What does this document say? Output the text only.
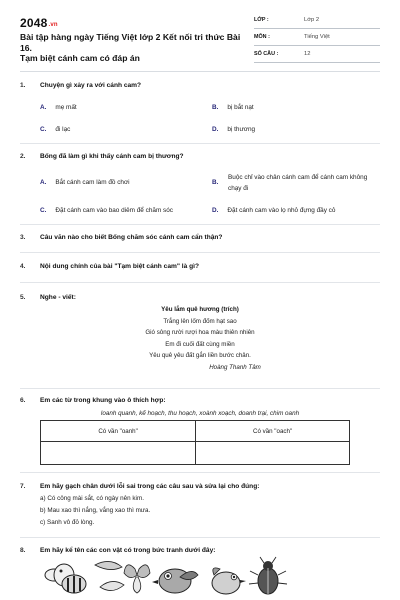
2048.vn
Bài tập hàng ngày Tiếng Việt lớp 2 Kết nối tri thức Bài 16.
Tạm biệt cánh cam có đáp án
LỚP :	Lớp 2
MÔN :	Tiếng Việt
SỐ CÂU :	12
1. Chuyện gì xảy ra với cánh cam?
A. mẹ mất	B. bị bắt nạt
C. đi lạc	D. bị thương
2. Bống đã làm gì khi thấy cánh cam bị thương?
A. Bắt cánh cam làm đồ chơi	B.
Buộc chỉ vào chân cánh cam để cánh cam không chạy đi
C. Đặt cánh cam vào bao diêm để chăm sóc	D. Đặt cánh cam vào lọ nhỏ đựng đầy cỏ
3. Câu văn nào cho biết Bống chăm sóc cánh cam cẩn thận?
4. Nội dung chính của bài "Tạm biệt cánh cam" là gì?
5. Nghe - viết:
Yêu lắm quê hương (trích)
Trắng lên lốm đốm hạt sao
Gió sông rười rượi hoa màu thiên nhiên
Em đi cuối đất cùng miền
Yêu quê yêu đất gắn liền bước chân.
Hoàng Thanh Tâm
6. Em các từ trong khung vào ô thích hợp:
loanh quanh, kế hoạch, thu hoạch, xoành xoạch, doanh trại, chim oanh
Có vần "oanh"	Có vần "oach"

7. Em hãy gạch chân dưới lỗi sai trong các câu sau và sửa lại cho đúng:
a) Có công mài sắt, có ngày nên kim.
b) Mau xao thì nắng, vắng xao thì mưa.
c) Sanh vô đỏ lòng.
8. Em hãy kể tên các con vật có trong bức tranh dưới đây:
